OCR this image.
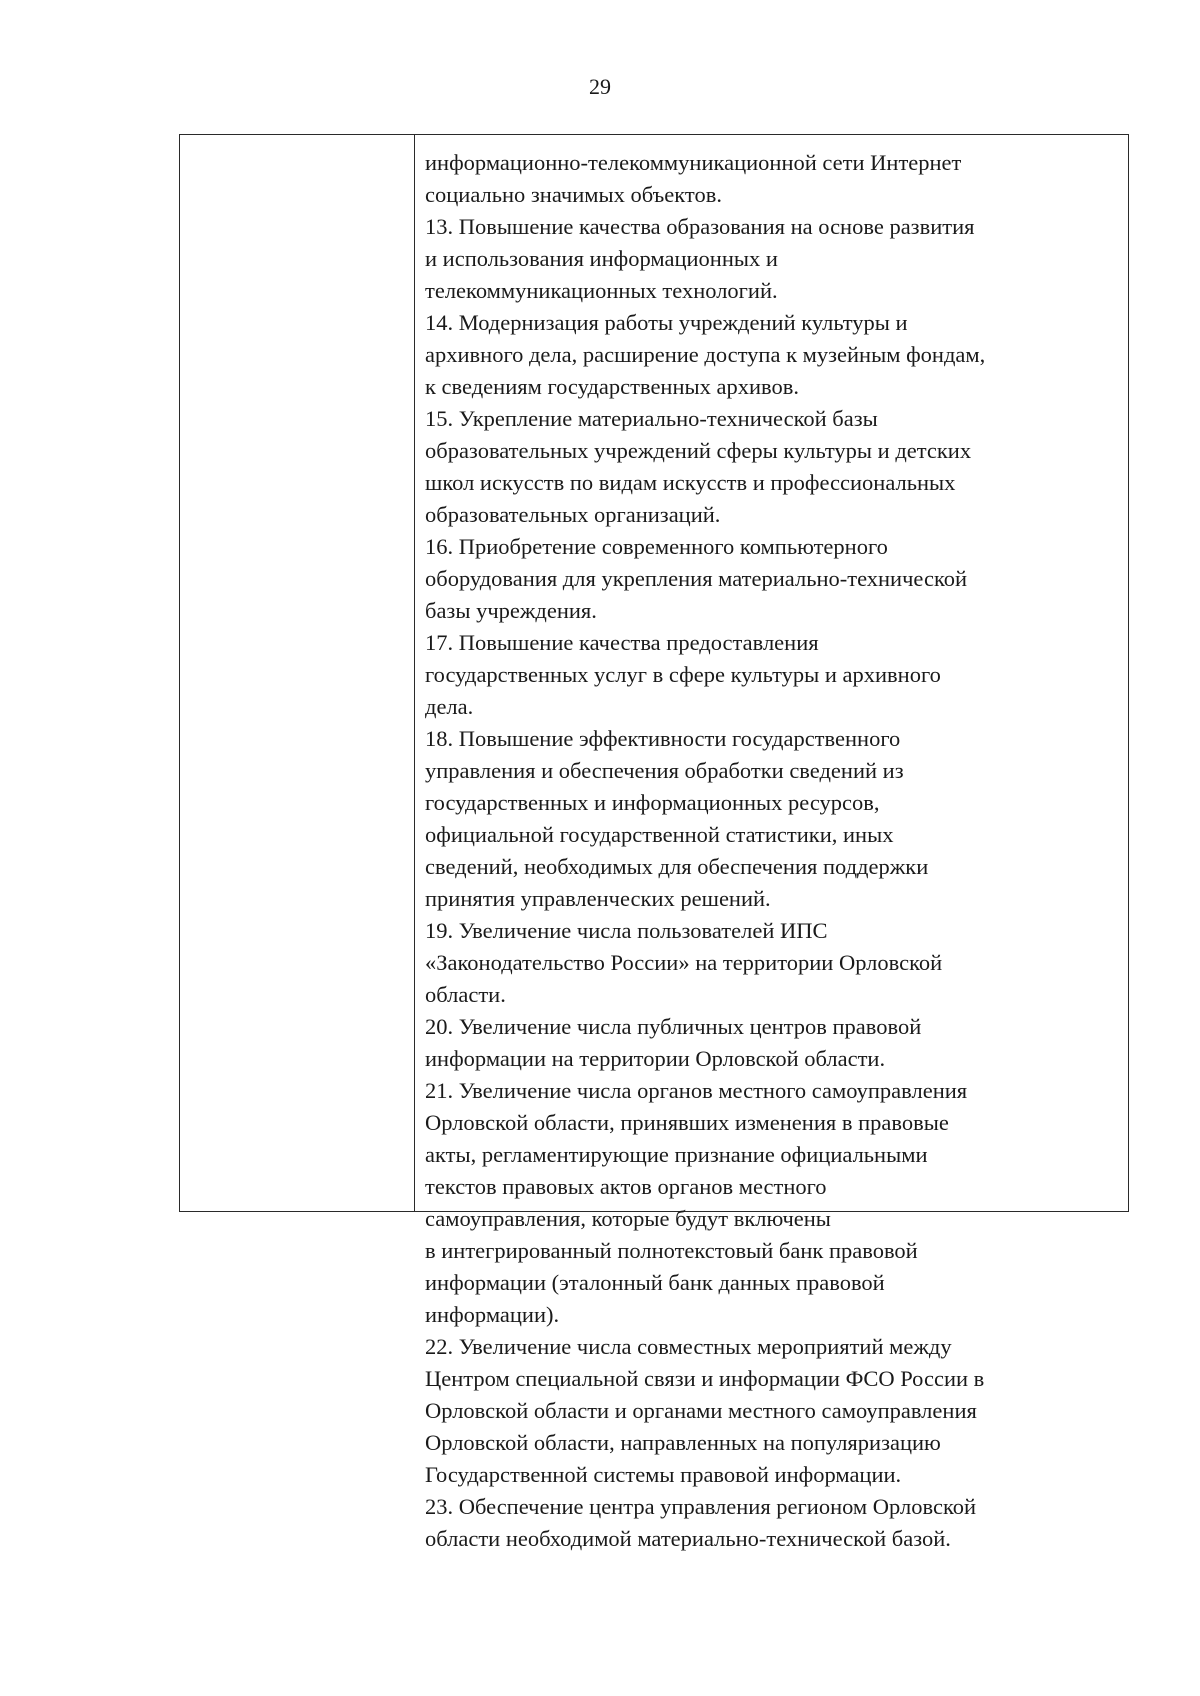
29
информационно-телекоммуникационной сети Интернет
социально значимых объектов.
13. Повышение качества образования на основе развития
и использования информационных и
телекоммуникационных технологий.
14. Модернизация работы учреждений культуры и
архивного дела, расширение доступа к музейным фондам,
к сведениям государственных архивов.
15. Укрепление материально-технической базы
образовательных учреждений сферы культуры и детских
школ искусств по видам искусств и профессиональных
образовательных организаций.
16. Приобретение современного компьютерного
оборудования для укрепления материально-технической
базы учреждения.
17. Повышение качества предоставления
государственных услуг в сфере культуры и архивного
дела.
18. Повышение эффективности государственного
управления и обеспечения обработки сведений из
государственных и информационных ресурсов,
официальной государственной статистики, иных
сведений, необходимых для обеспечения поддержки
принятия управленческих решений.
19. Увеличение числа пользователей ИПС
«Законодательство России» на территории Орловской
области.
20. Увеличение числа публичных центров правовой
информации на территории Орловской области.
21. Увеличение числа органов местного самоуправления
Орловской области, принявших изменения в правовые
акты, регламентирующие признание официальными
текстов правовых актов органов местного
самоуправления, которые будут включены
в интегрированный полнотекстовый банк правовой
информации (эталонный банк данных правовой
информации).
22. Увеличение числа совместных мероприятий между
Центром специальной связи и информации ФСО России в
Орловской области и органами местного самоуправления
Орловской области, направленных на популяризацию
Государственной системы правовой информации.
23. Обеспечение центра управления регионом Орловской
области необходимой материально-технической базой.
